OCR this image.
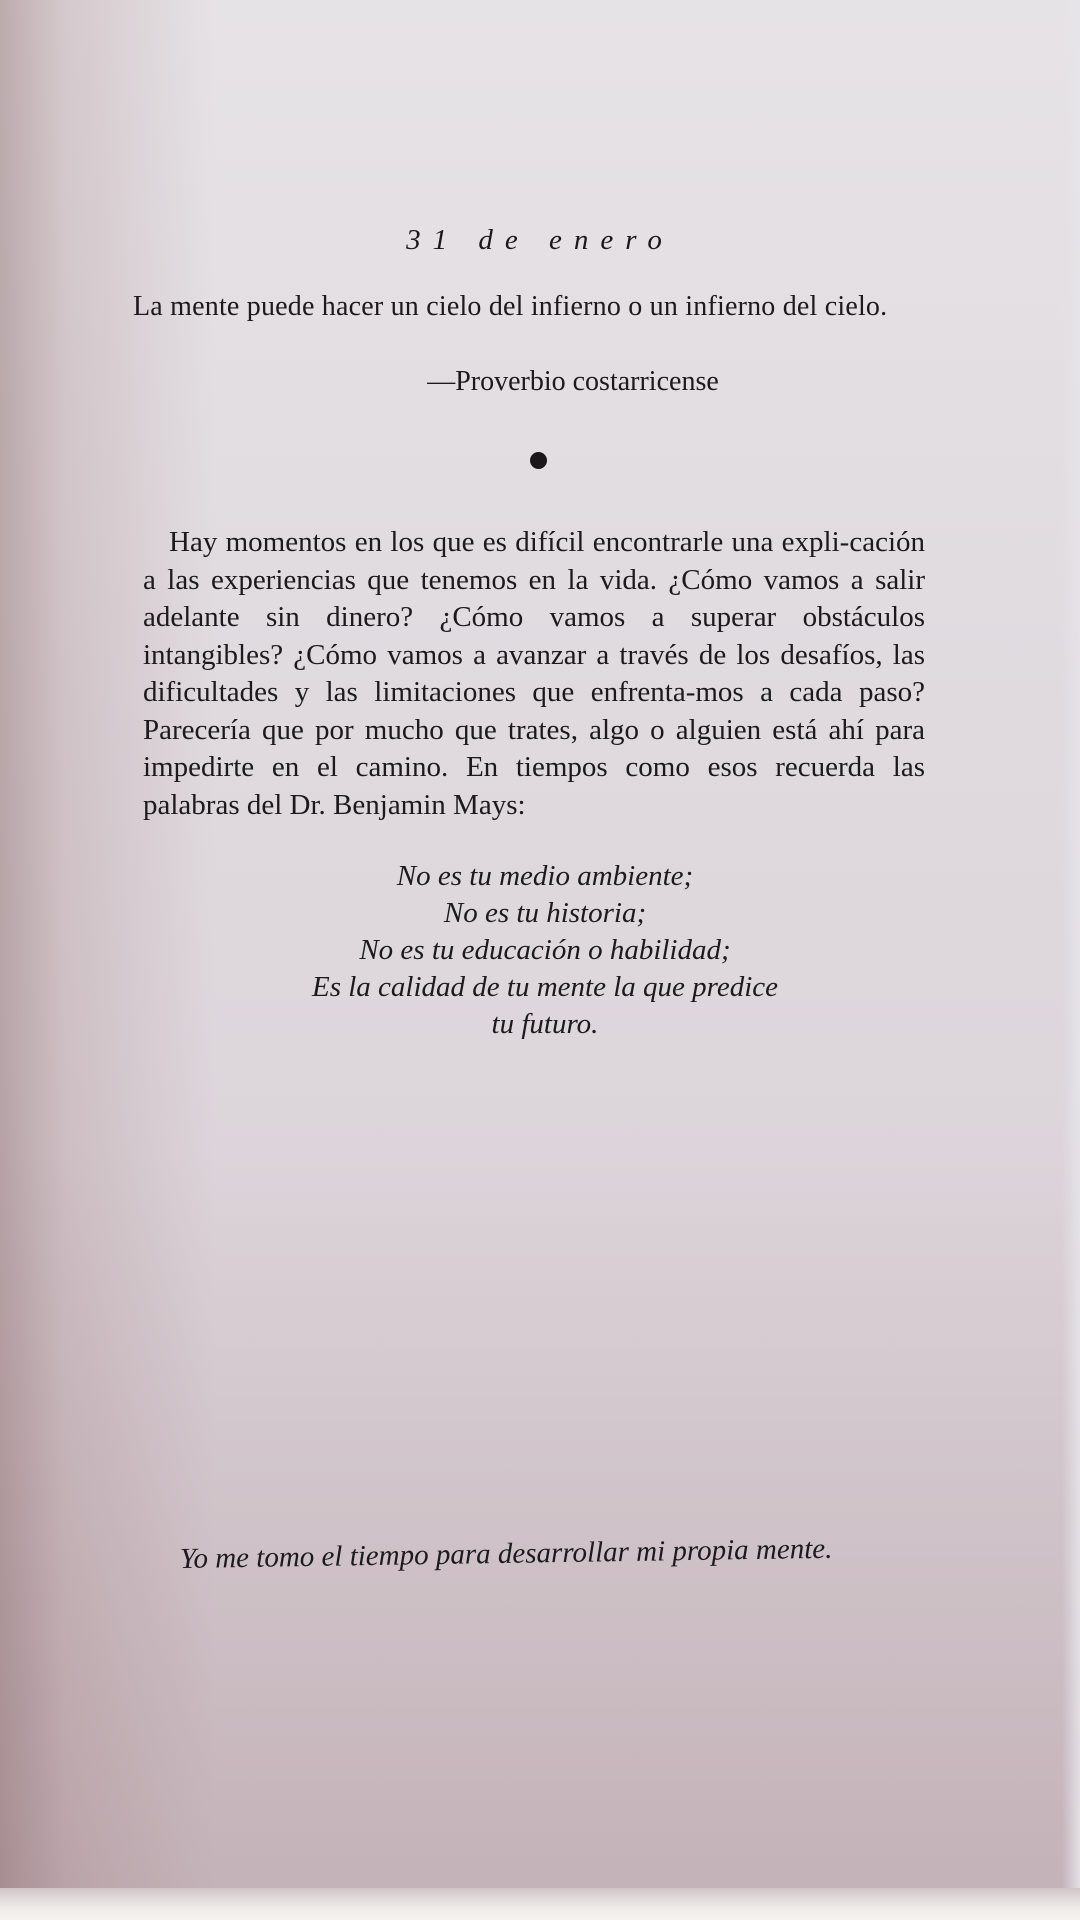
31 de enero
La mente puede hacer un cielo del infierno o un infierno del cielo.
—Proverbio costarricense
Hay momentos en los que es difícil encontrarle una expli-cación a las experiencias que tenemos en la vida. ¿Cómo vamos a salir adelante sin dinero? ¿Cómo vamos a superar obstáculos intangibles? ¿Cómo vamos a avanzar a través de los desafíos, las dificultades y las limitaciones que enfrenta-mos a cada paso? Parecería que por mucho que trates, algo o alguien está ahí para impedirte en el camino. En tiempos como esos recuerda las palabras del Dr. Benjamin Mays:
No es tu medio ambiente;
No es tu historia;
No es tu educación o habilidad;
Es la calidad de tu mente la que predice
tu futuro.
Yo me tomo el tiempo para desarrollar mi propia mente.
